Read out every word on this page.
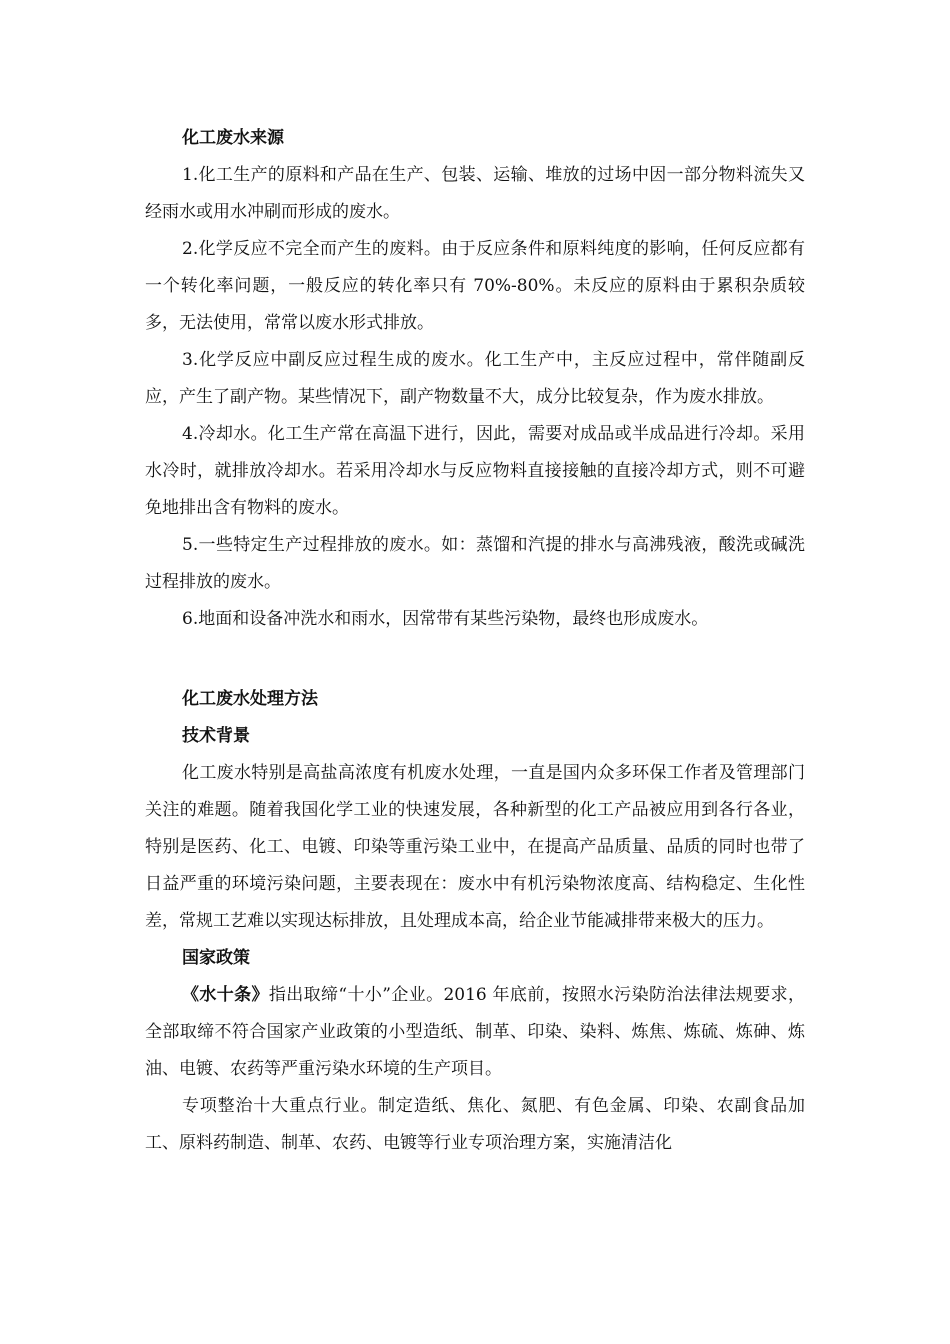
化工废水来源

1.化工生产的原料和产品在生产、包装、运输、堆放的过场中因一部分物料流失又经雨水或用水冲刷而形成的废水。

2.化学反应不完全而产生的废料。由于反应条件和原料纯度的影响，任何反应都有一个转化率问题，一般反应的转化率只有 70%-80%。未反应的原料由于累积杂质较多，无法使用，常常以废水形式排放。

3.化学反应中副反应过程生成的废水。化工生产中，主反应过程中，常伴随副反应，产生了副产物。某些情况下，副产物数量不大，成分比较复杂，作为废水排放。

4.冷却水。化工生产常在高温下进行，因此，需要对成品或半成品进行冷却。采用水冷时，就排放冷却水。若采用冷却水与反应物料直接接触的直接冷却方式，则不可避免地排出含有物料的废水。

5.一些特定生产过程排放的废水。如：蒸馏和汽提的排水与高沸残液，酸洗或碱洗过程排放的废水。

6.地面和设备冲洗水和雨水，因常带有某些污染物，最终也形成废水。

化工废水处理方法

技术背景

化工废水特别是高盐高浓度有机废水处理，一直是国内众多环保工作者及管理部门关注的难题。随着我国化学工业的快速发展，各种新型的化工产品被应用到各行各业，特别是医药、化工、电镀、印染等重污染工业中，在提高产品质量、品质的同时也带了日益严重的环境污染问题，主要表现在：废水中有机污染物浓度高、结构稳定、生化性差，常规工艺难以实现达标排放，且处理成本高，给企业节能减排带来极大的压力。

国家政策

《水十条》指出取缔“十小”企业。2016 年底前，按照水污染防治法律法规要求，全部取缔不符合国家产业政策的小型造纸、制革、印染、染料、炼焦、炼硫、炼砷、炼油、电镀、农药等严重污染水环境的生产项目。

专项整治十大重点行业。制定造纸、焦化、氮肥、有色金属、印染、农副食品加工、原料药制造、制革、农药、电镀等行业专项治理方案，实施清洁化
